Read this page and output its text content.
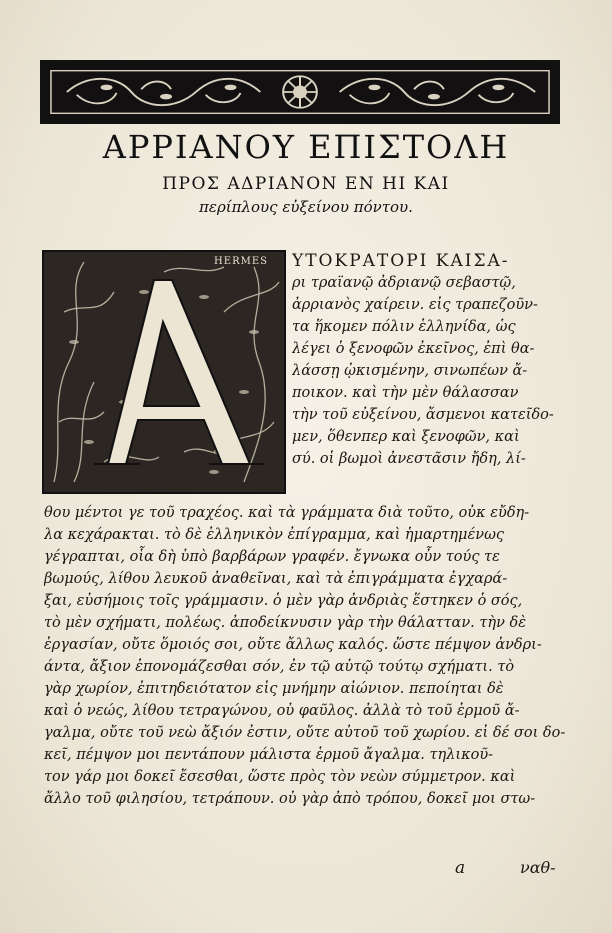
ΑΡΡΙΑΝΟΥ ΕΠΙΣΤΟΛΗ
ΠΡΟΣ ΑΔΡΙΑΝΟΝ ΕΝ ΗΙ ΚΑΙ
περίπλους εὐξείνου πόντου.
HERMES ΥΤΟΚΡΑΤΟΡΙ ΚΑΙΣΑ-
ρι τραϊανῷ ἀδριανῷ σεβαστῷ,
ἀρριανὸς χαίρειν. εἰς τραπεζοῦν-
τα ἥκομεν πόλιν ἑλληνίδα, ὡς
λέγει ὁ ξενοφῶν ἐκεῖνος, ἐπὶ θα-
λάσσῃ ᾠκισμένην, σινωπέων ἄ-
ποικον. καὶ τὴν μὲν θάλασσαν
τὴν τοῦ εὐξείνου, ἄσμενοι κατεῖδο-
μεν, ὅθενπερ καὶ ξενοφῶν, καὶ
σύ. οἱ βωμοὶ ἀνεστᾶσιν ἤδη, λί-
θου μέντοι γε τοῦ τραχέος. καὶ τὰ γράμματα διὰ τοῦτο, οὐκ εὔδη-
λα κεχάρακται. τὸ δὲ ἑλληνικὸν ἐπίγραμμα, καὶ ἡμαρτημένως
γέγραπται, οἷα δὴ ὑπὸ βαρβάρων γραφέν. ἔγνωκα οὖν τούς τε
βωμούς, λίθου λευκοῦ ἀναθεῖναι, καὶ τὰ ἐπιγράμματα ἐγχαρά-
ξαι, εὐσήμοις τοῖς γράμμασιν. ὁ μὲν γὰρ ἀνδριὰς ἕστηκεν ὁ σός,
τὸ μὲν σχήματι, πολέως. ἀποδείκνυσιν γὰρ τὴν θάλατταν. τὴν δὲ
ἐργασίαν, οὔτε ὅμοιός σοι, οὔτε ἄλλως καλός. ὥστε πέμψον ἀνδρι-
άντα, ἄξιον ἐπονομάζεσθαι σόν, ἐν τῷ αὐτῷ τούτῳ σχήματι. τὸ
γὰρ χωρίον, ἐπιτηδειότατον εἰς μνήμην αἰώνιον. πεποίηται δὲ
καὶ ὁ νεώς, λίθου τετραγώνου, οὐ φαῦλος. ἀλλὰ τὸ τοῦ ἑρμοῦ ἄ-
γαλμα, οὔτε τοῦ νεὼ ἄξιόν ἐστιν, οὔτε αὐτοῦ τοῦ χωρίου. εἰ δέ σοι δο-
κεῖ, πέμψον μοι πεντάπουν μάλιστα ἑρμοῦ ἄγαλμα. τηλικοῦ-
τον γάρ μοι δοκεῖ ἔσεσθαι, ὥστε πρὸς τὸν νεὼν σύμμετρον. καὶ
ἄλλο τοῦ φιλησίου, τετράπουν. οὐ γὰρ ἀπὸ τρόπου, δοκεῖ μοι στω-
a	ναθ-
